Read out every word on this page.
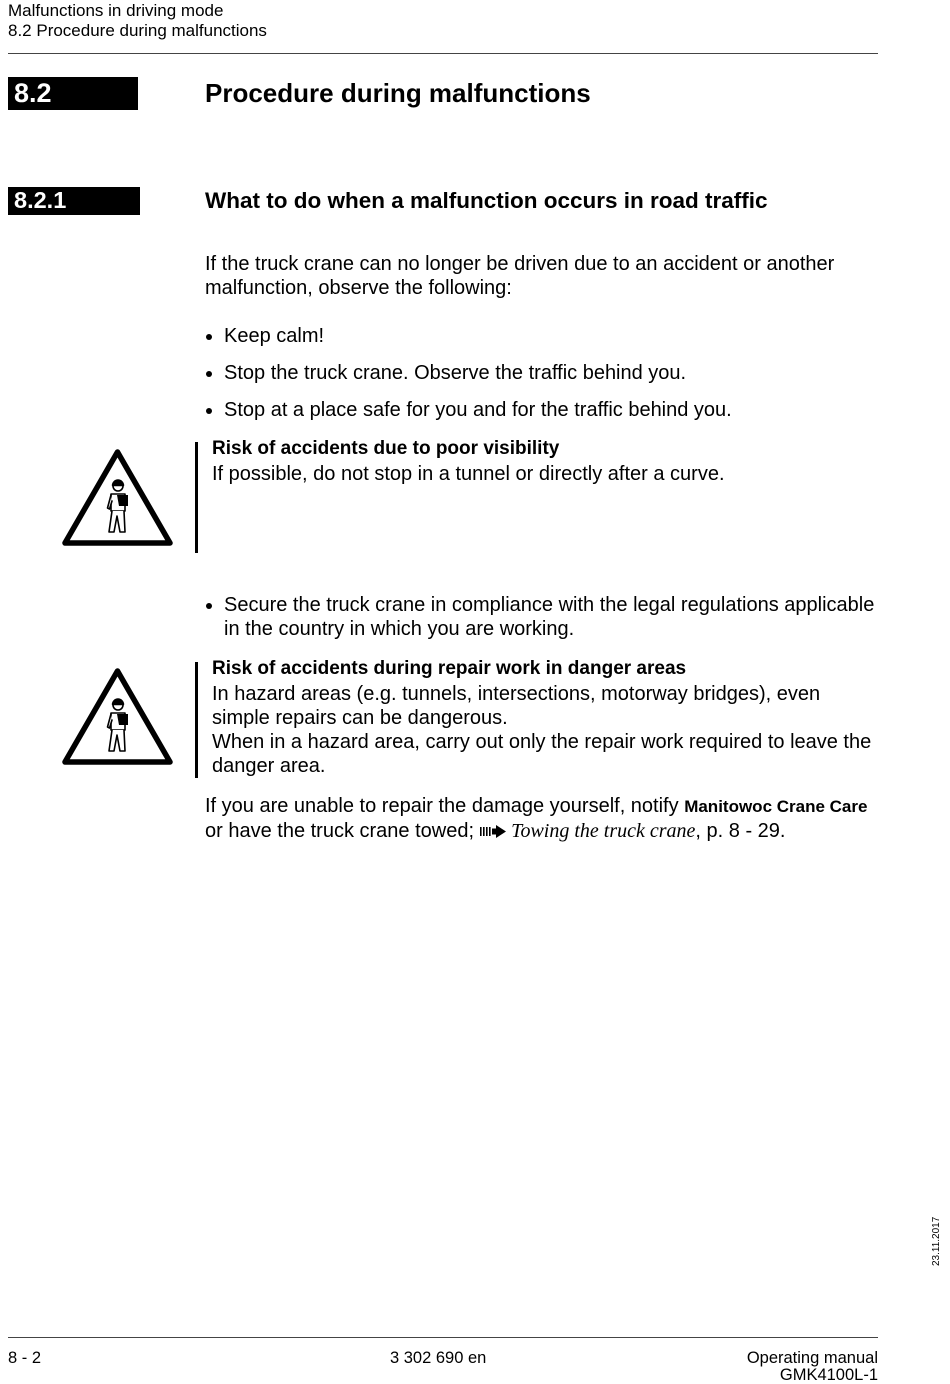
Malfunctions in driving mode
8.2 Procedure during malfunctions
8.2	Procedure during malfunctions
8.2.1	What to do when a malfunction occurs in road traffic
If the truck crane can no longer be driven due to an accident or another
malfunction, observe the following:
Keep calm!
Stop the truck crane. Observe the traffic behind you.
Stop at a place safe for you and for the traffic behind you.
Risk of accidents due to poor visibility
If possible, do not stop in a tunnel or directly after a curve.
Secure the truck crane in compliance with the legal regulations applicable
in the country in which you are working.
Risk of accidents during repair work in danger areas
In hazard areas (e.g. tunnels, intersections, motorway bridges), even
simple repairs can be dangerous.
When in a hazard area, carry out only the repair work required to leave the
danger area.
If you are unable to repair the damage yourself, notify Manitowoc Crane Care
or have the truck crane towed; Towing the truck crane, p. 8 - 29.
23.11.2017
8 - 2	3 302 690 en	Operating manual
GMK4100L-1
